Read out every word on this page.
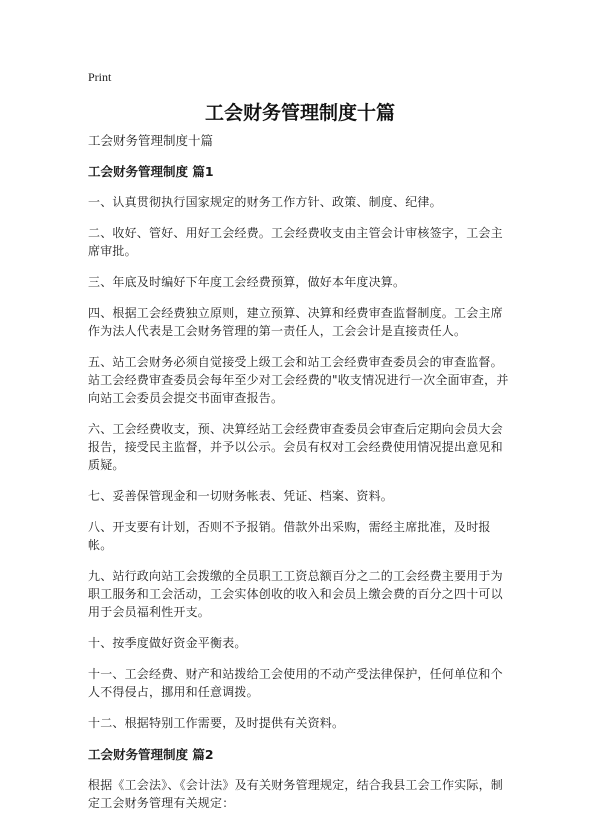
Print
工会财务管理制度十篇

工会财务管理制度十篇

工会财务管理制度 篇1

一、认真贯彻执行国家规定的财务工作方针、政策、制度、纪律。

二、收好、管好、用好工会经费。工会经费收支由主管会计审核签字，工会主席审批。

三、年底及时编好下年度工会经费预算，做好本年度决算。

四、根据工会经费独立原则，建立预算、决算和经费审查监督制度。工会主席作为法人代表是工会财务管理的第一责任人，工会会计是直接责任人。

五、站工会财务必须自觉接受上级工会和站工会经费审查委员会的审查监督。站工会经费审查委员会每年至少对工会经费的"收支情况进行一次全面审查，并向站工会委员会提交书面审查报告。

六、工会经费收支，预、决算经站工会经费审查委员会审查后定期向会员大会报告，接受民主监督，并予以公示。会员有权对工会经费使用情况提出意见和质疑。

七、妥善保管现金和一切财务帐表、凭证、档案、资料。

八、开支要有计划，否则不予报销。借款外出采购，需经主席批准，及时报帐。

九、站行政向站工会拨缴的全员职工工资总额百分之二的工会经费主要用于为职工服务和工会活动，工会实体创收的收入和会员上缴会费的百分之四十可以用于会员福利性开支。

十、按季度做好资金平衡表。

十一、工会经费、财产和站拨给工会使用的不动产受法律保护，任何单位和个人不得侵占，挪用和任意调拨。

十二、根据特别工作需要，及时提供有关资料。

工会财务管理制度 篇2

根据《工会法》、《会计法》及有关财务管理规定，结合我县工会工作实际，制定工会财务管理有关规定：
